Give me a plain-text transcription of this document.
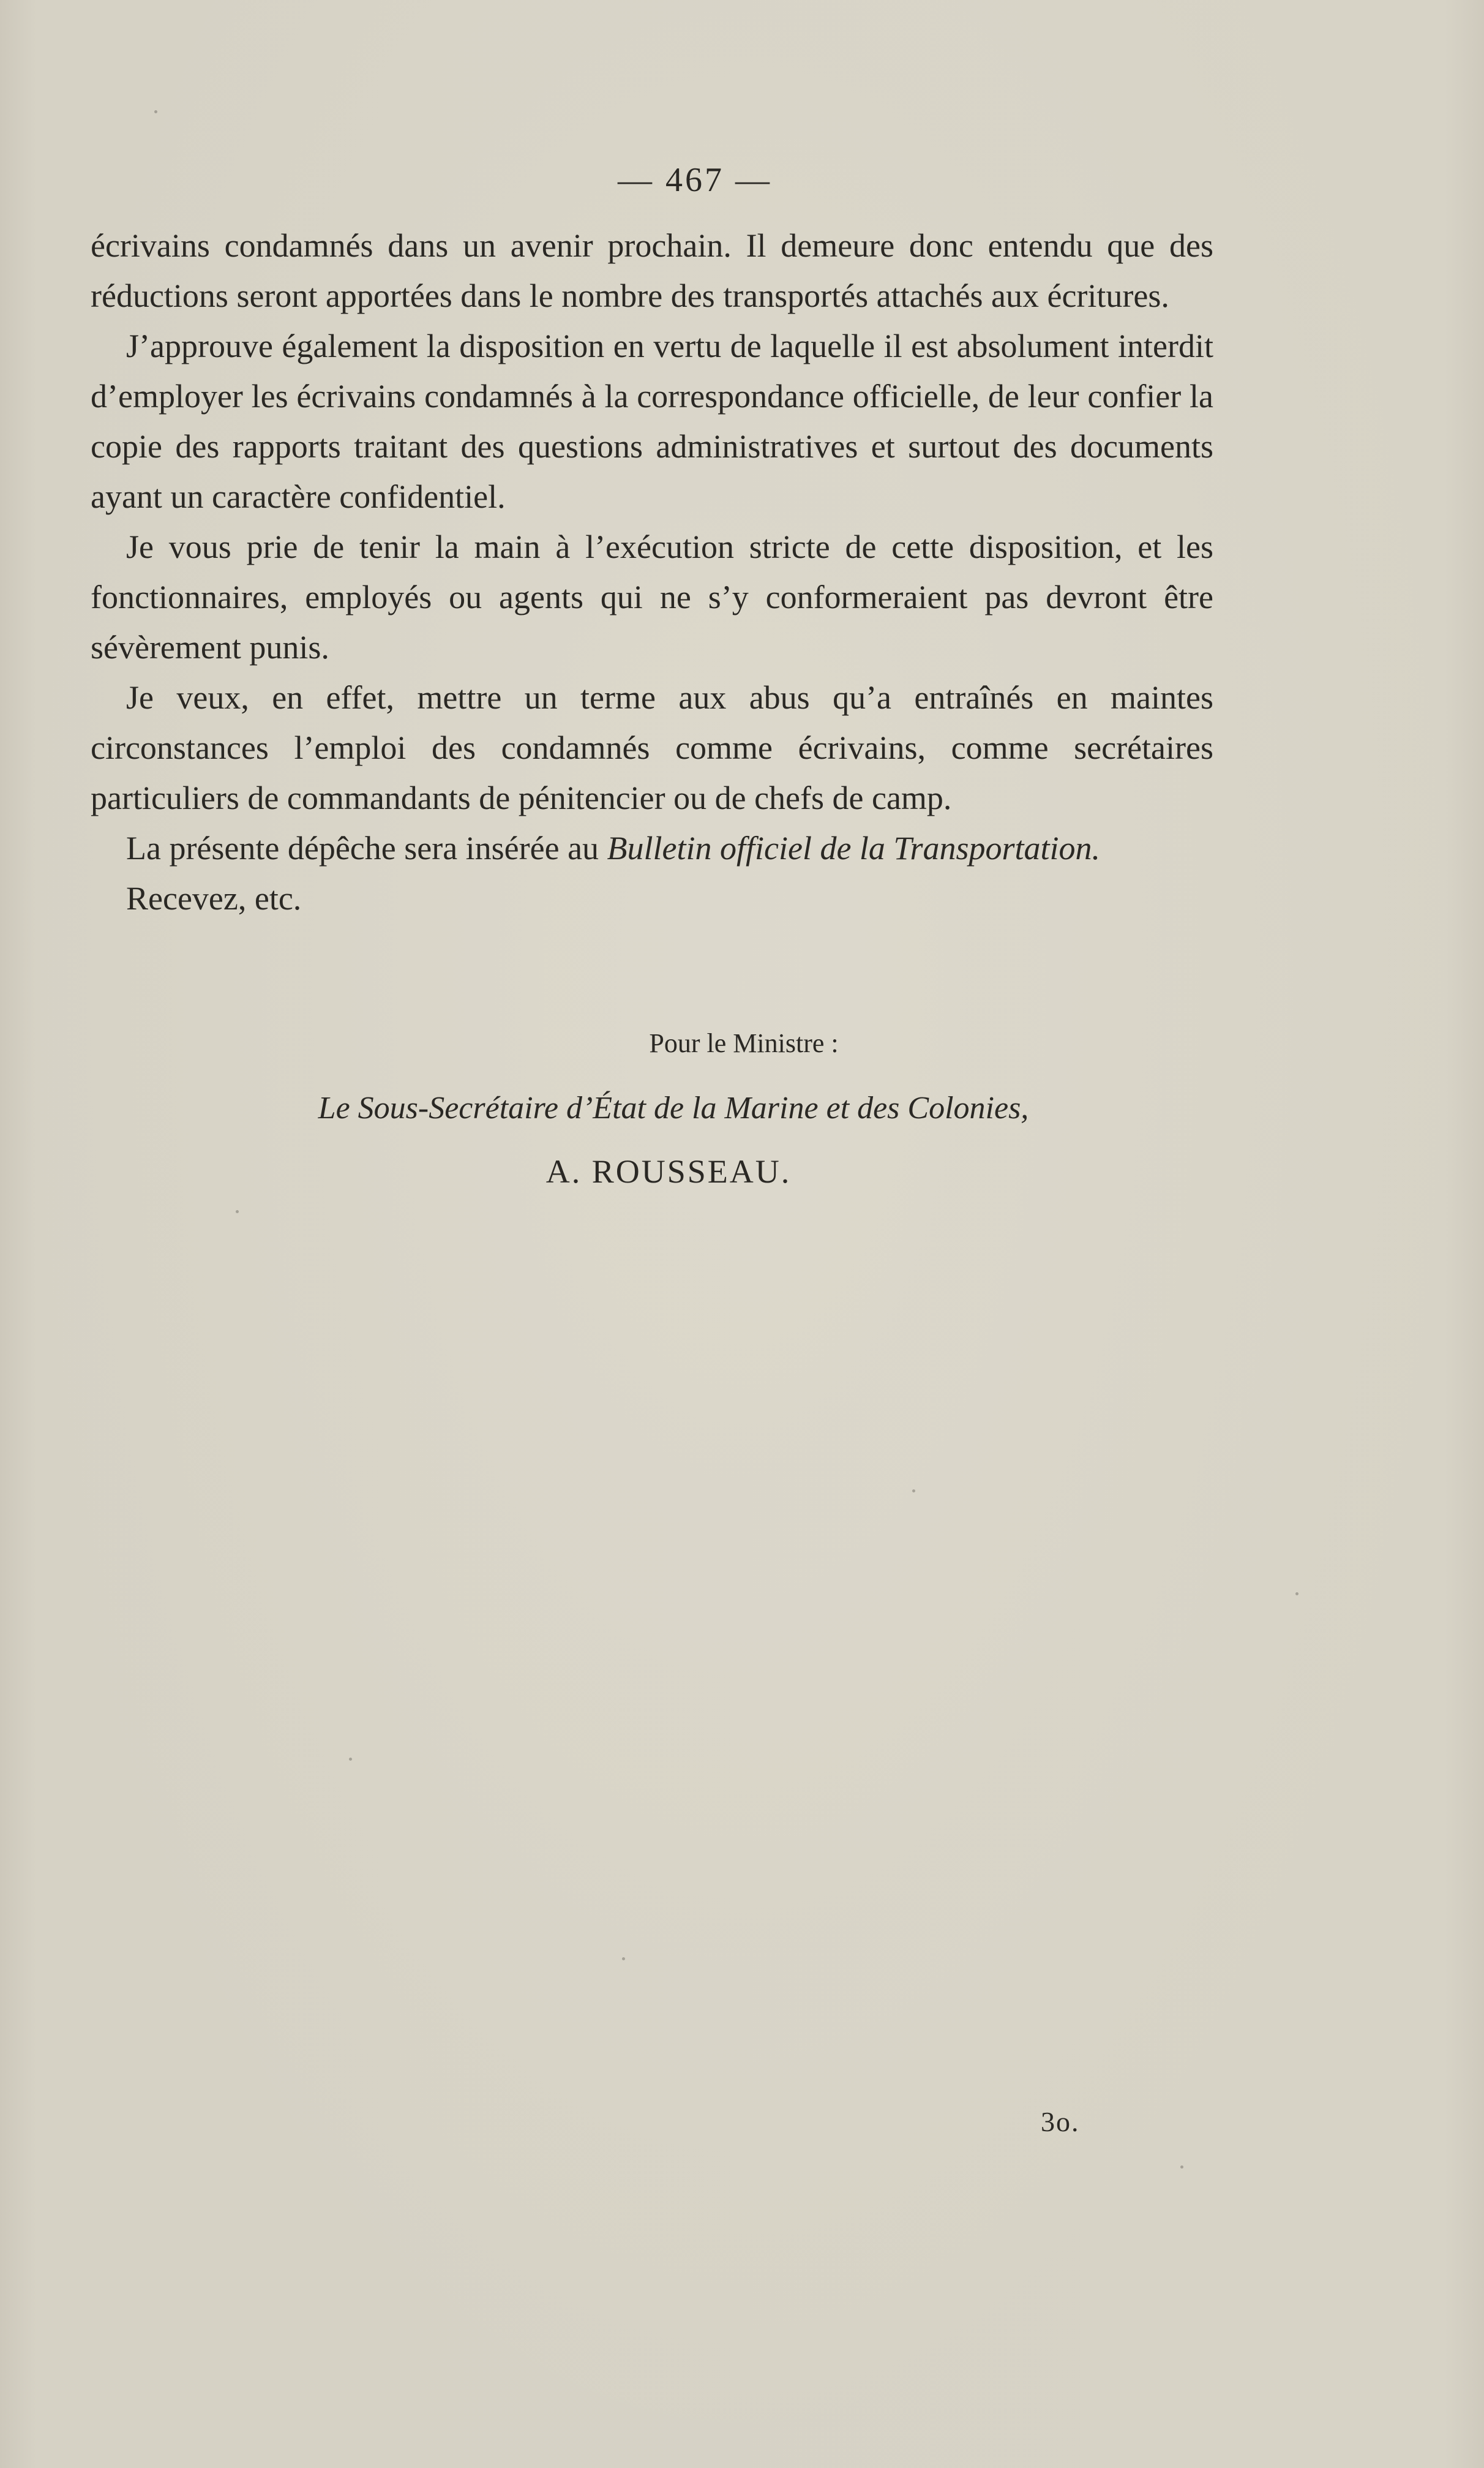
— 467 —

écrivains condamnés dans un avenir prochain. Il demeure donc entendu que des réductions seront apportées dans le nombre des transportés attachés aux écritures.

J’approuve également la disposition en vertu de laquelle il est absolument interdit d’employer les écrivains condamnés à la correspondance officielle, de leur confier la copie des rapports traitant des questions administratives et surtout des documents ayant un caractère confidentiel.

Je vous prie de tenir la main à l’exécution stricte de cette disposition, et les fonctionnaires, employés ou agents qui ne s’y conformeraient pas devront être sévèrement punis.

Je veux, en effet, mettre un terme aux abus qu’a entraînés en maintes circonstances l’emploi des condamnés comme écrivains, comme secrétaires particuliers de commandants de pénitencier ou de chefs de camp.

La présente dépêche sera insérée au Bulletin officiel de la Transportation.

Recevez, etc.

Pour le Ministre :
Le Sous-Secrétaire d’État de la Marine et des Colonies,
A. ROUSSEAU.
3o.
